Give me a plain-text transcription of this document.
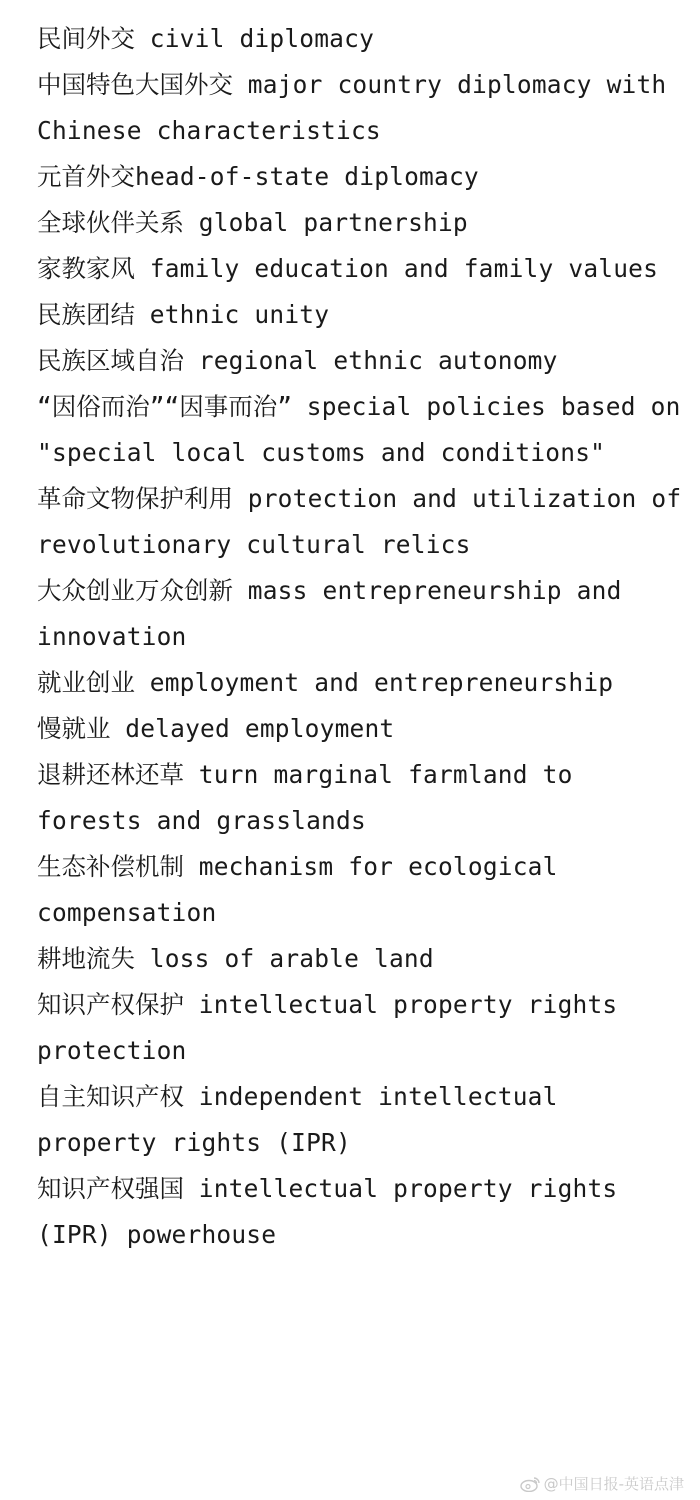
民间外交 civil diplomacy
中国特色大国外交 major country diplomacy with Chinese characteristics
元首外交head-of-state diplomacy
全球伙伴关系 global partnership
家教家风 family education and family values
民族团结 ethnic unity
民族区域自治 regional ethnic autonomy
“因俗而治”“因事而治” special policies based on "special local customs and conditions"
革命文物保护利用 protection and utilization of revolutionary cultural relics
大众创业万众创新 mass entrepreneurship and innovation
就业创业 employment and entrepreneurship
慢就业 delayed employment
退耕还林还草 turn marginal farmland to forests and grasslands
生态补偿机制 mechanism for ecological compensation
耕地流失 loss of arable land
知识产权保护 intellectual property rights protection
自主知识产权 independent intellectual property rights (IPR)
知识产权强国 intellectual property rights (IPR) powerhouse
@中国日报-英语点津
